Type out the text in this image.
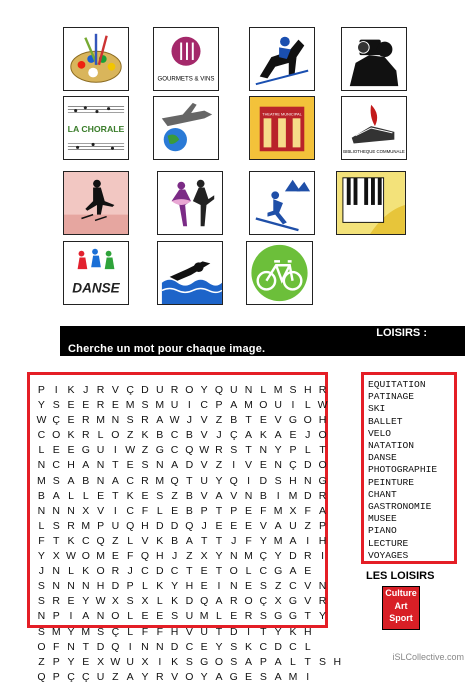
GOURMETS & VINS
LA CHORALE
THEATRE MUNICIPAL
BIBLIOTHEQUE COMMUNALE
DANSE
LOISIRS :
Cherche un mot pour chaque image.
P I K J R V Ç D U R O Y Q U N L M S H R
Y S E E R E M S M U I C P A M O U I L W
W Ç E R M N S R A W J V Z B T E V G O H
C O K R L O Z K B C B V J Ç A K A E J O
L E E G U I W Z G C Q W R S T N Y P L T
N C H A N T E S N A D V Z I V E N Ç D O
M S A B N A C R M Q T U Y Q I D S H N G
B A L L E T K E S Z B V A V N B I M D R
N N N X V I C F L E B P T P E F M X F A
L S R M P U Q H D D Q J E E E V A U Z P
F T K C Q Z L V K B A T T J F Y M A I H
Y X W O M E F Q H J Z X Y N M Ç Y D R I
J N L K O R J C D C T E T O L C G A E
S N N N H D P L K Y H E I N E S Z C V N
S R E Y W X S X L K D Q A R O Ç X G V R
N P I A N O L E E S U M L E R S G G T Y
S M Y M S Ç L F F H V U T D I T Y K H
O F N T D Q I N N D C E Y S K C D C L
Z P Y E X W U X I K S G O S A P A L T S H
Q P Ç Ç U Z A Y R V O Y A G E S A M I
EQUITATION
PATINAGE
SKI
BALLET
VELO
NATATION
DANSE
PHOTOGRAPHIE
PEINTURE
CHANT
GASTRONOMIE
MUSEE
PIANO
LECTURE
VOYAGES
LES LOISIRS
Culture
Art
Sport
iSLCollective.com
